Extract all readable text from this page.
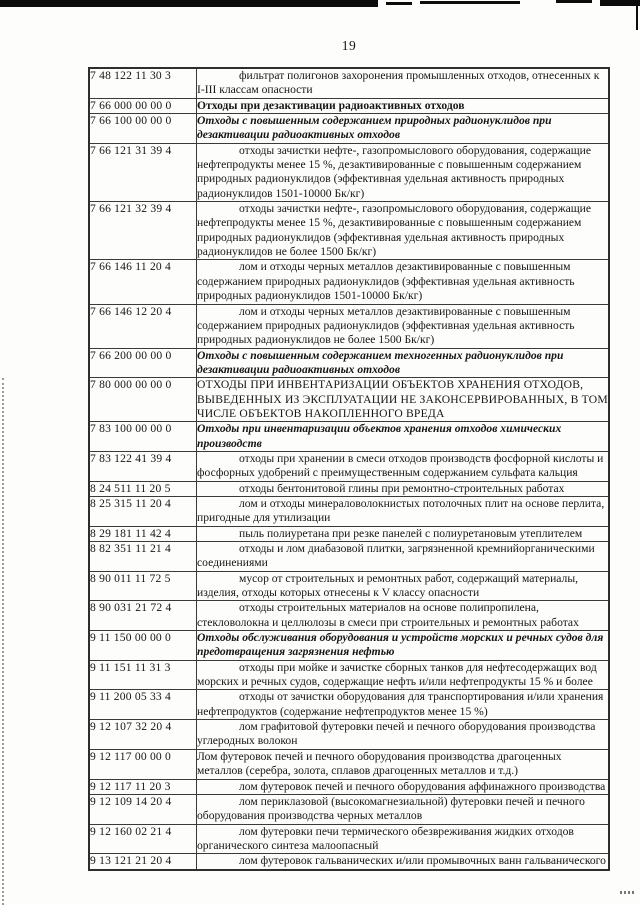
19
7 48 122 11 30 3	фильтрат полигонов захоронения промышленных отходов, отнесенных к I-III классам опасности
7 66 000 00 00 0	Отходы при дезактивации радиоактивных отходов
7 66 100 00 00 0	Отходы с повышенным содержанием природных радионуклидов при дезактивации радиоактивных отходов
7 66 121 31 39 4	отходы зачистки нефте-, газопромыслового оборудования, содержащие нефтепродукты менее 15 %, дезактивированные с повышенным содержанием природных радионуклидов (эффективная удельная активность природных радионуклидов 1501-10000 Бк/кг)
7 66 121 32 39 4	отходы зачистки нефте-, газопромыслового оборудования, содержащие нефтепродукты менее 15 %, дезактивированные с повышенным содержанием природных радионуклидов (эффективная удельная активность природных радионуклидов не более 1500 Бк/кг)
7 66 146 11 20 4	лом и отходы черных металлов дезактивированные с повышенным содержанием природных радионуклидов (эффективная удельная активность природных радионуклидов 1501-10000 Бк/кг)
7 66 146 12 20 4	лом и отходы черных металлов дезактивированные с повышенным содержанием природных радионуклидов (эффективная удельная активность природных радионуклидов не более 1500 Бк/кг)
7 66 200 00 00 0	Отходы с повышенным содержанием техногенных радионуклидов при дезактивации радиоактивных отходов
7 80 000 00 00 0	ОТХОДЫ ПРИ ИНВЕНТАРИЗАЦИИ ОБЪЕКТОВ ХРАНЕНИЯ ОТХОДОВ, ВЫВЕДЕННЫХ ИЗ ЭКСПЛУАТАЦИИ НЕ ЗАКОНСЕРВИРОВАННЫХ, В ТОМ ЧИСЛЕ ОБЪЕКТОВ НАКОПЛЕННОГО ВРЕДА
7 83 100 00 00 0	Отходы при инвентаризации объектов хранения отходов химических производств
7 83 122 41 39 4	отходы при хранении в смеси отходов производств фосфорной кислоты и фосфорных удобрений с преимущественным содержанием сульфата кальция
8 24 511 11 20 5	отходы бентонитовой глины при ремонтно-строительных работах
8 25 315 11 20 4	лом и отходы минераловолокнистых потолочных плит на основе перлита, пригодные для утилизации
8 29 181 11 42 4	пыль полиуретана при резке панелей с полиуретановым утеплителем
8 82 351 11 21 4	отходы и лом диабазовой плитки, загрязненной кремнийорганическими соединениями
8 90 011 11 72 5	мусор от строительных и ремонтных работ, содержащий материалы, изделия, отходы которых отнесены к V классу опасности
8 90 031 21 72 4	отходы строительных материалов на основе полипропилена, стекловолокна и целлюлозы в смеси при строительных и ремонтных работах
9 11 150 00 00 0	Отходы обслуживания оборудования и устройств морских и речных судов для предотвращения загрязнения нефтью
9 11 151 11 31 3	отходы при мойке и зачистке сборных танков для нефтесодержащих вод морских и речных судов, содержащие нефть и/или нефтепродукты 15 % и более
9 11 200 05 33 4	отходы от зачистки оборудования для транспортирования и/или хранения нефтепродуктов (содержание нефтепродуктов менее 15 %)
9 12 107 32 20 4	лом графитовой футеровки печей и печного оборудования производства углеродных волокон
9 12 117 00 00 0	Лом футеровок печей и печного оборудования производства драгоценных металлов (серебра, золота, сплавов драгоценных металлов и т.д.)
9 12 117 11 20 3	лом футеровок печей и печного оборудования аффинажного производства
9 12 109 14 20 4	лом периклазовой (высокомагнезиальной) футеровки печей и печного оборудования производства черных металлов
9 12 160 02 21 4	лом футеровки печи термического обезвреживания жидких отходов органического синтеза малоопасный
9 13 121 21 20 4	лом футеровок гальванических и/или промывочных ванн гальванического
